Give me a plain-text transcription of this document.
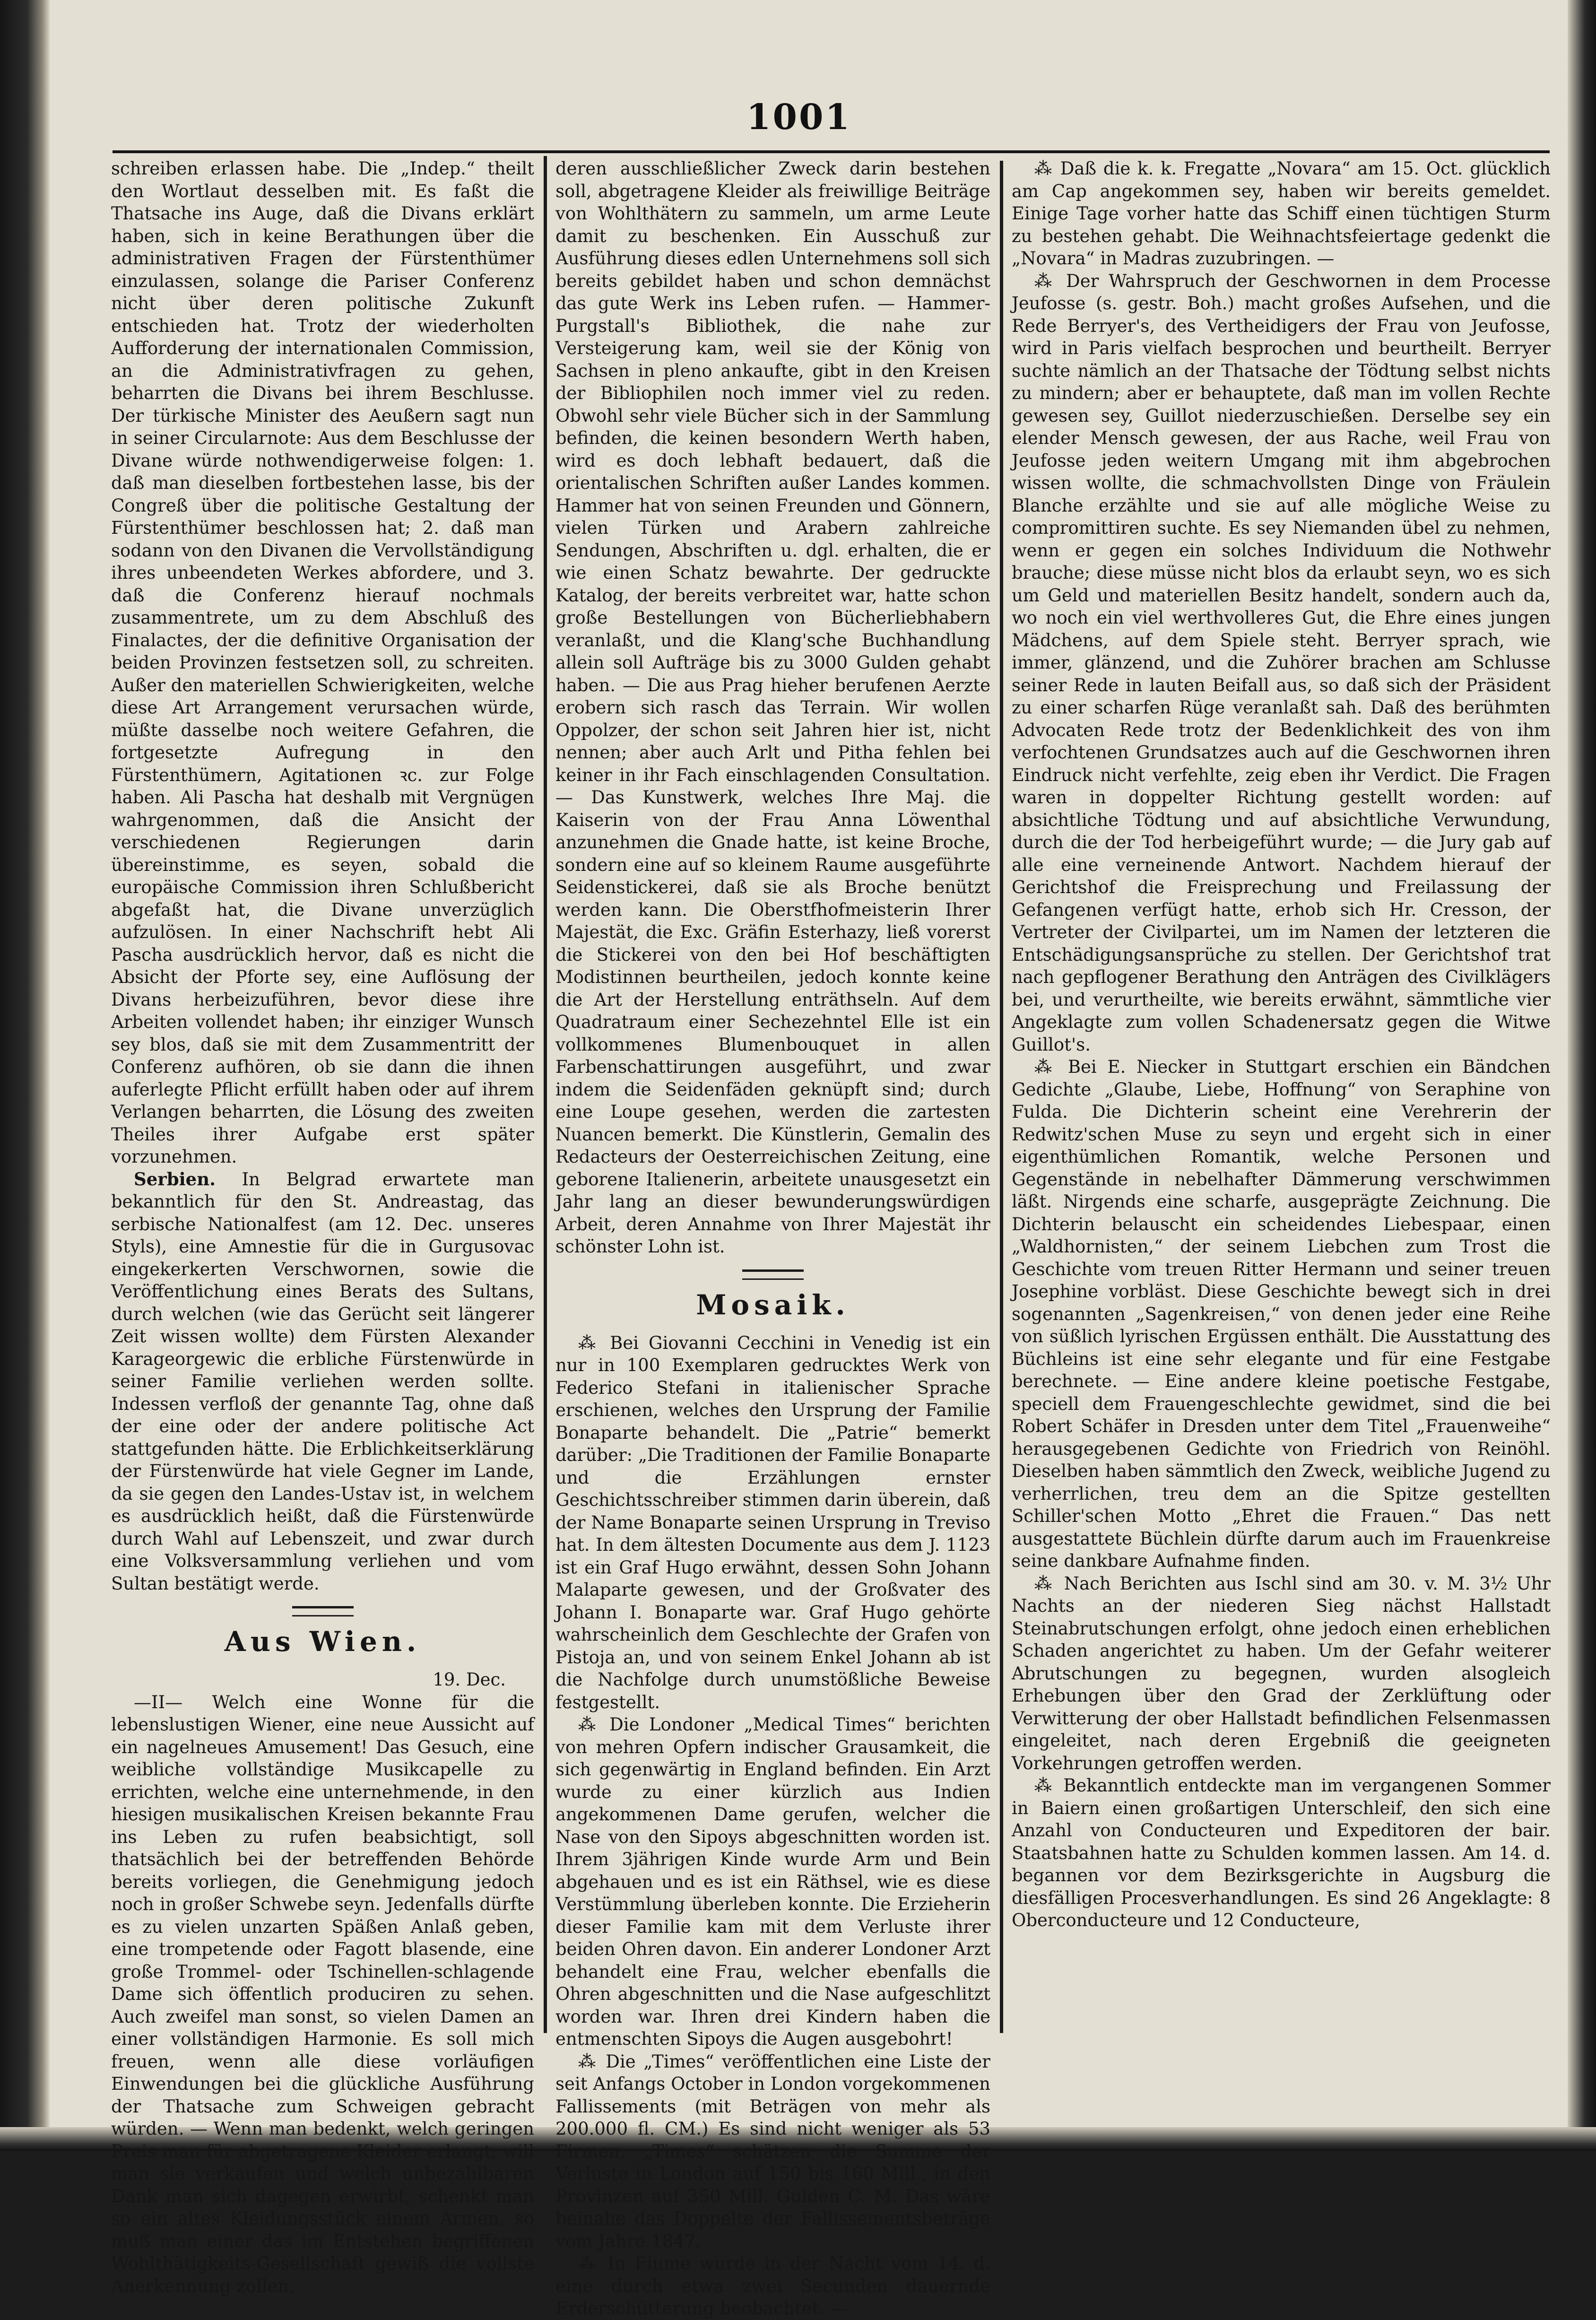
1001

schreiben erlassen habe. Die „Indep.“ theilt den Wortlaut desselben mit. Es faßt die Thatsache ins Auge, daß die Divans erklärt haben, sich in keine Berathungen über die administrativen Fragen der Fürstenthümer einzulassen, solange die Pariser Conferenz nicht über deren politische Zukunft entschieden hat. Trotz der wiederholten Aufforderung der internationalen Commission, an die Administrativfragen zu gehen, beharrten die Divans bei ihrem Beschlusse. Der türkische Minister des Aeußern sagt nun in seiner Circularnote: Aus dem Beschlusse der Divane würde nothwendigerweise folgen: 1. daß man dieselben fortbestehen lasse, bis der Congreß über die politische Gestaltung der Fürstenthümer beschlossen hat; 2. daß man sodann von den Divanen die Vervollständigung ihres unbeendeten Werkes abfordere, und 3. daß die Conferenz hierauf nochmals zusammentrete, um zu dem Abschluß des Finalactes, der die definitive Organisation der beiden Provinzen festsetzen soll, zu schreiten. Außer den materiellen Schwierigkeiten, welche diese Art Arrangement verursachen würde, müßte dasselbe noch weitere Gefahren, die fortgesetzte Aufregung in den Fürstenthümern, Agitationen ꝛc. zur Folge haben. Ali Pascha hat deshalb mit Vergnügen wahrgenommen, daß die Ansicht der verschiedenen Regierungen darin übereinstimme, es seyen, sobald die europäische Commission ihren Schlußbericht abgefaßt hat, die Divane unverzüglich aufzulösen. In einer Nachschrift hebt Ali Pascha ausdrücklich hervor, daß es nicht die Absicht der Pforte sey, eine Auflösung der Divans herbeizuführen, bevor diese ihre Arbeiten vollendet haben; ihr einziger Wunsch sey blos, daß sie mit dem Zusammentritt der Conferenz aufhören, ob sie dann die ihnen auferlegte Pflicht erfüllt haben oder auf ihrem Verlangen beharrten, die Lösung des zweiten Theiles ihrer Aufgabe erst später vorzunehmen.

Serbien. In Belgrad erwartete man bekanntlich für den St. Andreastag, das serbische Nationalfest (am 12. Dec. unseres Styls), eine Amnestie für die in Gurgusovac eingekerkerten Verschwornen, sowie die Veröffentlichung eines Berats des Sultans, durch welchen (wie das Gerücht seit längerer Zeit wissen wollte) dem Fürsten Alexander Karageorgewic die erbliche Fürstenwürde in seiner Familie verliehen werden sollte. Indessen verfloß der genannte Tag, ohne daß der eine oder der andere politische Act stattgefunden hätte. Die Erblichkeitserklärung der Fürstenwürde hat viele Gegner im Lande, da sie gegen den Landes-Ustav ist, in welchem es ausdrücklich heißt, daß die Fürstenwürde durch Wahl auf Lebenszeit, und zwar durch eine Volksversammlung verliehen und vom Sultan bestätigt werde.

Aus Wien.

19. Dec.

—II— Welch eine Wonne für die lebenslustigen Wiener, eine neue Aussicht auf ein nagelneues Amusement! Das Gesuch, eine weibliche vollständige Musikcapelle zu errichten, welche eine unternehmende, in den hiesigen musikalischen Kreisen bekannte Frau ins Leben zu rufen beabsichtigt, soll thatsächlich bei der betreffenden Behörde bereits vorliegen, die Genehmigung jedoch noch in großer Schwebe seyn. Jedenfalls dürfte es zu vielen unzarten Späßen Anlaß geben, eine trompetende oder Fagott blasende, eine große Trommel- oder Tschinellen-schlagende Dame sich öffentlich produciren zu sehen. Auch zweifel man sonst, so vielen Damen an einer vollständigen Harmonie. Es soll mich freuen, wenn alle diese vorläufigen Einwendungen bei die glückliche Ausführung der Thatsache zum Schweigen gebracht würden. — Wenn man bedenkt, welch geringen Preis man für abgetragene Kleider erlangt, will man sie verkaufen und welch unbezahlbaren Dank man sich dagegen erwirbt, schenkt man so ein altes Kleidungsstück einem Armen, so muß man einer das im Entstehen begriffenen Wohlthätigkeits-Gesellschaft gewiß die vollste Anerkennung zollen,

deren ausschließlicher Zweck darin bestehen soll, abgetragene Kleider als freiwillige Beiträge von Wohlthätern zu sammeln, um arme Leute damit zu beschenken. Ein Ausschuß zur Ausführung dieses edlen Unternehmens soll sich bereits gebildet haben und schon demnächst das gute Werk ins Leben rufen. — Hammer-Purgstall's Bibliothek, die nahe zur Versteigerung kam, weil sie der König von Sachsen in pleno ankaufte, gibt in den Kreisen der Bibliophilen noch immer viel zu reden. Obwohl sehr viele Bücher sich in der Sammlung befinden, die keinen besondern Werth haben, wird es doch lebhaft bedauert, daß die orientalischen Schriften außer Landes kommen. Hammer hat von seinen Freunden und Gönnern, vielen Türken und Arabern zahlreiche Sendungen, Abschriften u. dgl. erhalten, die er wie einen Schatz bewahrte. Der gedruckte Katalog, der bereits verbreitet war, hatte schon große Bestellungen von Bücherliebhabern veranlaßt, und die Klang'sche Buchhandlung allein soll Aufträge bis zu 3000 Gulden gehabt haben. — Die aus Prag hieher berufenen Aerzte erobern sich rasch das Terrain. Wir wollen Oppolzer, der schon seit Jahren hier ist, nicht nennen; aber auch Arlt und Pitha fehlen bei keiner in ihr Fach einschlagenden Consultation. — Das Kunstwerk, welches Ihre Maj. die Kaiserin von der Frau Anna Löwenthal anzunehmen die Gnade hatte, ist keine Broche, sondern eine auf so kleinem Raume ausgeführte Seidenstickerei, daß sie als Broche benützt werden kann. Die Oberstfhofmeisterin Ihrer Majestät, die Exc. Gräfin Esterhazy, ließ vorerst die Stickerei von den bei Hof beschäftigten Modistinnen beurtheilen, jedoch konnte keine die Art der Herstellung enträthseln. Auf dem Quadratraum einer Sechezehntel Elle ist ein vollkommenes Blumenbouquet in allen Farbenschattirungen ausgeführt, und zwar indem die Seidenfäden geknüpft sind; durch eine Loupe gesehen, werden die zartesten Nuancen bemerkt. Die Künstlerin, Gemalin des Redacteurs der Oesterreichischen Zeitung, eine geborene Italienerin, arbeitete unausgesetzt ein Jahr lang an dieser bewunderungswürdigen Arbeit, deren Annahme von Ihrer Majestät ihr schönster Lohn ist.

Mosaik.

⁂ Bei Giovanni Cecchini in Venedig ist ein nur in 100 Exemplaren gedrucktes Werk von Federico Stefani in italienischer Sprache erschienen, welches den Ursprung der Familie Bonaparte behandelt. Die „Patrie“ bemerkt darüber: „Die Traditionen der Familie Bonaparte und die Erzählungen ernster Geschichtsschreiber stimmen darin überein, daß der Name Bonaparte seinen Ursprung in Treviso hat. In dem ältesten Documente aus dem J. 1123 ist ein Graf Hugo erwähnt, dessen Sohn Johann Malaparte gewesen, und der Großvater des Johann I. Bonaparte war. Graf Hugo gehörte wahrscheinlich dem Geschlechte der Grafen von Pistoja an, und von seinem Enkel Johann ab ist die Nachfolge durch unumstößliche Beweise festgestellt.

⁂ Die Londoner „Medical Times“ berichten von mehren Opfern indischer Grausamkeit, die sich gegenwärtig in England befinden. Ein Arzt wurde zu einer kürzlich aus Indien angekommenen Dame gerufen, welcher die Nase von den Sipoys abgeschnitten worden ist. Ihrem 3jährigen Kinde wurde Arm und Bein abgehauen und es ist ein Räthsel, wie es diese Verstümmlung überleben konnte. Die Erzieherin dieser Familie kam mit dem Verluste ihrer beiden Ohren davon. Ein anderer Londoner Arzt behandelt eine Frau, welcher ebenfalls die Ohren abgeschnitten und die Nase aufgeschlitzt worden war. Ihren drei Kindern haben die entmenschten Sipoys die Augen ausgebohrt!

⁂ Die „Times“ veröffentlichen eine Liste der seit Anfangs October in London vorgekommenen Fallissements (mit Beträgen von mehr als 200.000 fl. CM.) Es sind nicht weniger als 53 Firmen. „Times“ schätzen die Summe der Verluste in London auf 150 bis 160 Mill., in den Provinzen auf 350 Mill. Gulden C. M. Das wäre beinahe das Doppelte der Fallissementsbeträge vom Jahre 1847.

⁂ In Fiume wurde in der Nacht vom 14. d. eine durch etwa zwei Secunden dauernde Erderschütterung beobachtet. —

⁂ Daß die k. k. Fregatte „Novara“ am 15. Oct. glücklich am Cap angekommen sey, haben wir bereits gemeldet. Einige Tage vorher hatte das Schiff einen tüchtigen Sturm zu bestehen gehabt. Die Weihnachtsfeiertage gedenkt die „Novara“ in Madras zuzubringen. —

⁂ Der Wahrspruch der Geschwornen in dem Processe Jeufosse (s. gestr. Boh.) macht großes Aufsehen, und die Rede Berryer's, des Vertheidigers der Frau von Jeufosse, wird in Paris vielfach besprochen und beurtheilt. Berryer suchte nämlich an der Thatsache der Tödtung selbst nichts zu mindern; aber er behauptete, daß man im vollen Rechte gewesen sey, Guillot niederzuschießen. Derselbe sey ein elender Mensch gewesen, der aus Rache, weil Frau von Jeufosse jeden weitern Umgang mit ihm abgebrochen wissen wollte, die schmachvollsten Dinge von Fräulein Blanche erzählte und sie auf alle mögliche Weise zu compromittiren suchte. Es sey Niemanden übel zu nehmen, wenn er gegen ein solches Individuum die Nothwehr brauche; diese müsse nicht blos da erlaubt seyn, wo es sich um Geld und materiellen Besitz handelt, sondern auch da, wo noch ein viel werthvolleres Gut, die Ehre eines jungen Mädchens, auf dem Spiele steht. Berryer sprach, wie immer, glänzend, und die Zuhörer brachen am Schlusse seiner Rede in lauten Beifall aus, so daß sich der Präsident zu einer scharfen Rüge veranlaßt sah. Daß des berühmten Advocaten Rede trotz der Bedenklichkeit des von ihm verfochtenen Grundsatzes auch auf die Geschwornen ihren Eindruck nicht verfehlte, zeig eben ihr Verdict. Die Fragen waren in doppelter Richtung gestellt worden: auf absichtliche Tödtung und auf absichtliche Verwundung, durch die der Tod herbeigeführt wurde; — die Jury gab auf alle eine verneinende Antwort. Nachdem hierauf der Gerichtshof die Freisprechung und Freilassung der Gefangenen verfügt hatte, erhob sich Hr. Cresson, der Vertreter der Civilpartei, um im Namen der letzteren die Entschädigungsansprüche zu stellen. Der Gerichtshof trat nach gepflogener Berathung den Anträgen des Civilklägers bei, und verurtheilte, wie bereits erwähnt, sämmtliche vier Angeklagte zum vollen Schadenersatz gegen die Witwe Guillot's.

⁂ Bei E. Niecker in Stuttgart erschien ein Bändchen Gedichte „Glaube, Liebe, Hoffnung“ von Seraphine von Fulda. Die Dichterin scheint eine Verehrerin der Redwitz'schen Muse zu seyn und ergeht sich in einer eigenthümlichen Romantik, welche Personen und Gegenstände in nebelhafter Dämmerung verschwimmen läßt. Nirgends eine scharfe, ausgeprägte Zeichnung. Die Dichterin belauscht ein scheidendes Liebespaar, einen „Waldhornisten,“ der seinem Liebchen zum Trost die Geschichte vom treuen Ritter Hermann und seiner treuen Josephine vorbläst. Diese Geschichte bewegt sich in drei sogenannten „Sagenkreisen,“ von denen jeder eine Reihe von süßlich lyrischen Ergüssen enthält. Die Ausstattung des Büchleins ist eine sehr elegante und für eine Festgabe berechnete. — Eine andere kleine poetische Festgabe, speciell dem Frauengeschlechte gewidmet, sind die bei Robert Schäfer in Dresden unter dem Titel „Frauenweihe“ herausgegebenen Gedichte von Friedrich von Reinöhl. Dieselben haben sämmtlich den Zweck, weibliche Jugend zu verherrlichen, treu dem an die Spitze gestellten Schiller'schen Motto „Ehret die Frauen.“ Das nett ausgestattete Büchlein dürfte darum auch im Frauenkreise seine dankbare Aufnahme finden.

⁂ Nach Berichten aus Ischl sind am 30. v. M. 3½ Uhr Nachts an der niederen Sieg nächst Hallstadt Steinabrutschungen erfolgt, ohne jedoch einen erheblichen Schaden angerichtet zu haben. Um der Gefahr weiterer Abrutschungen zu begegnen, wurden alsogleich Erhebungen über den Grad der Zerklüftung oder Verwitterung der ober Hallstadt befindlichen Felsenmassen eingeleitet, nach deren Ergebniß die geeigneten Vorkehrungen getroffen werden.

⁂ Bekanntlich entdeckte man im vergangenen Sommer in Baiern einen großartigen Unterschleif, den sich eine Anzahl von Conducteuren und Expeditoren der bair. Staatsbahnen hatte zu Schulden kommen lassen. Am 14. d. begannen vor dem Bezirksgerichte in Augsburg die diesfälligen Procesverhandlungen. Es sind 26 Angeklagte: 8 Oberconducteure und 12 Conducteure,
